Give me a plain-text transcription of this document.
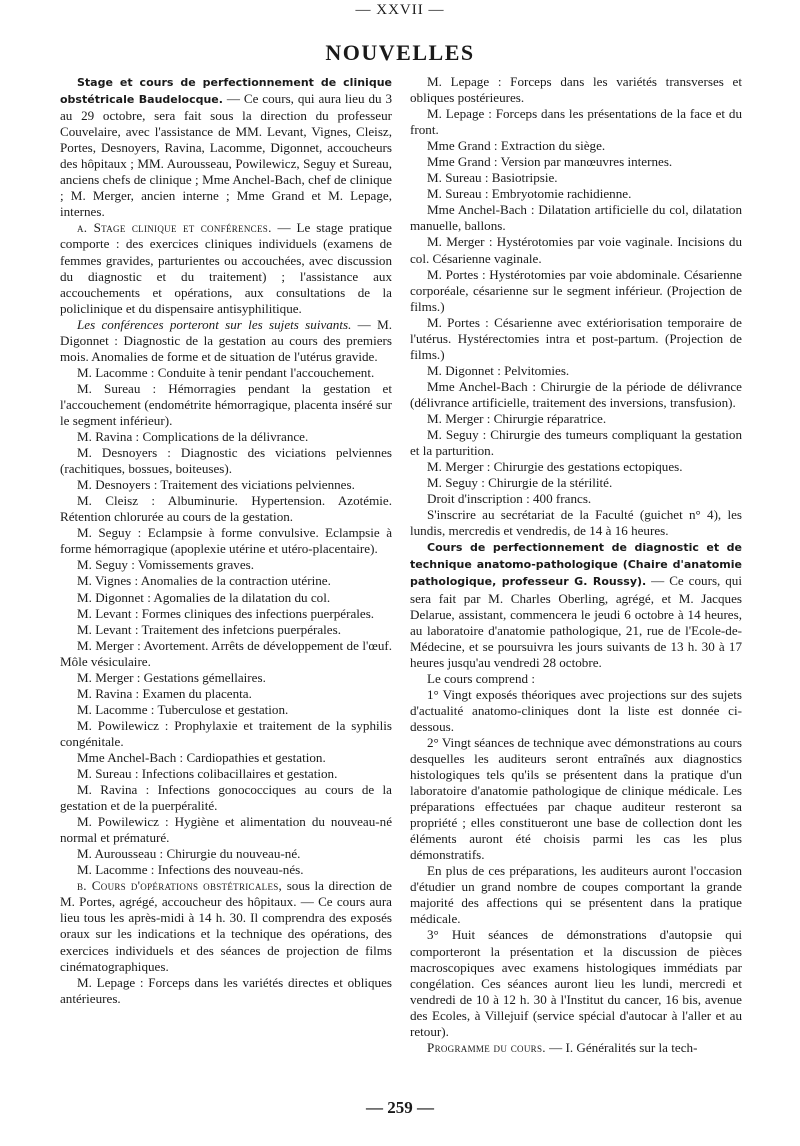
— XXVII —
NOUVELLES

Stage et cours de perfectionnement de clinique obstétricale Baudelocque. — Ce cours, qui aura lieu du 3 au 29 octobre, sera fait sous la direction du professeur Couvelaire, avec l'assistance de MM. Levant, Vignes, Cleisz, Portes, Desnoyers, Ravina, Lacomme, Digonnet, accoucheurs des hôpitaux ; MM. Aurousseau, Powilewicz, Seguy et Sureau, anciens chefs de clinique ; Mme Anchel-Bach, chef de clinique ; M. Merger, ancien interne ; Mme Grand et M. Lepage, internes.

a. Stage clinique et conférences. — Le stage pratique comporte : des exercices cliniques individuels (examens de femmes gravides, parturientes ou accouchées, avec discussion du diagnostic et du traitement) ; l'assistance aux accouchements et opérations, aux consultations de la policlinique et du dispensaire antisyphilitique.

Les conférences porteront sur les sujets suivants. — M. Digonnet : Diagnostic de la gestation au cours des premiers mois. Anomalies de forme et de situation de l'utérus gravide.

M. Lacomme : Conduite à tenir pendant l'accouchement.

M. Sureau : Hémorragies pendant la gestation et l'accouchement (endométrite hémorragique, placenta inséré sur le segment inférieur).

M. Ravina : Complications de la délivrance.

M. Desnoyers : Diagnostic des viciations pelviennes (rachitiques, bossues, boiteuses).

M. Desnoyers : Traitement des viciations pelviennes.

M. Cleisz : Albuminurie. Hypertension. Azotémie. Rétention chlorurée au cours de la gestation.

M. Seguy : Eclampsie à forme convulsive. Eclampsie à forme hémorragique (apoplexie utérine et utéro-placentaire).

M. Seguy : Vomissements graves.

M. Vignes : Anomalies de la contraction utérine.

M. Digonnet : Agomalies de la dilatation du col.

M. Levant : Formes cliniques des infections puerpérales.

M. Levant : Traitement des infetcions puerpérales.

M. Merger : Avortement. Arrêts de développement de l'œuf. Môle vésiculaire.

M. Merger : Gestations gémellaires.

M. Ravina : Examen du placenta.

M. Lacomme : Tuberculose et gestation.

M. Powilewicz : Prophylaxie et traitement de la syphilis congénitale.

Mme Anchel-Bach : Cardiopathies et gestation.

M. Sureau : Infections colibacillaires et gestation.

M. Ravina : Infections gonococciques au cours de la gestation et de la puerpéralité.

M. Powilewicz : Hygiène et alimentation du nouveau-né normal et prématuré.

M. Aurousseau : Chirurgie du nouveau-né.

M. Lacomme : Infections des nouveau-nés.

b. Cours d'opérations obstétricales, sous la direction de M. Portes, agrégé, accoucheur des hôpitaux. — Ce cours aura lieu tous les après-midi à 14 h. 30. Il comprendra des exposés oraux sur les indications et la technique des opérations, des exercices individuels et des séances de projection de films cinématographiques.

M. Lepage : Forceps dans les variétés directes et obliques antérieures.

M. Lepage : Forceps dans les variétés transverses et obliques postérieures.

M. Lepage : Forceps dans les présentations de la face et du front.

Mme Grand : Extraction du siège.

Mme Grand : Version par manœuvres internes.

M. Sureau : Basiotripsie.

M. Sureau : Embryotomie rachidienne.

Mme Anchel-Bach : Dilatation artificielle du col, dilatation manuelle, ballons.

M. Merger : Hystérotomies par voie vaginale. Incisions du col. Césarienne vaginale.

M. Portes : Hystérotomies par voie abdominale. Césarienne corporéale, césarienne sur le segment inférieur. (Projection de films.)

M. Portes : Césarienne avec extériorisation temporaire de l'utérus. Hystérectomies intra et post-partum. (Projection de films.)

M. Digonnet : Pelvitomies.

Mme Anchel-Bach : Chirurgie de la période de délivrance (délivrance artificielle, traitement des inversions, transfusion).

M. Merger : Chirurgie réparatrice.

M. Seguy : Chirurgie des tumeurs compliquant la gestation et la parturition.

M. Merger : Chirurgie des gestations ectopiques.

M. Seguy : Chirurgie de la stérilité.

Droit d'inscription : 400 francs.

S'inscrire au secrétariat de la Faculté (guichet n° 4), les lundis, mercredis et vendredis, de 14 à 16 heures.

Cours de perfectionnement de diagnostic et de technique anatomo-pathologique (Chaire d'anatomie pathologique, professeur G. Roussy). — Ce cours, qui sera fait par M. Charles Oberling, agrégé, et M. Jacques Delarue, assistant, commencera le jeudi 6 octobre à 14 heures, au laboratoire d'anatomie pathologique, 21, rue de l'Ecole-de-Médecine, et se poursuivra les jours suivants de 13 h. 30 à 17 heures jusqu'au vendredi 28 octobre.

Le cours comprend :

1° Vingt exposés théoriques avec projections sur des sujets d'actualité anatomo-cliniques dont la liste est donnée ci-dessous.

2° Vingt séances de technique avec démonstrations au cours desquelles les auditeurs seront entraînés aux diagnostics histologiques tels qu'ils se présentent dans la pratique d'un laboratoire d'anatomie pathologique de clinique médicale. Les préparations effectuées par chaque auditeur resteront sa propriété ; elles constitueront une base de collection dont les éléments auront été choisis parmi les cas les plus démonstratifs.

En plus de ces préparations, les auditeurs auront l'occasion d'étudier un grand nombre de coupes comportant la grande majorité des affections qui se présentent dans la pratique médicale.

3° Huit séances de démonstrations d'autopsie qui comporteront la présentation et la discussion de pièces macroscopiques avec examens histologiques immédiats par congélation. Ces séances auront lieu les lundi, mercredi et vendredi de 10 à 12 h. 30 à l'Institut du cancer, 16 bis, avenue des Ecoles, à Villejuif (service spécial d'autocar à l'aller et au retour).

Programme du cours. — I. Généralités sur la tech-

— 259 —
